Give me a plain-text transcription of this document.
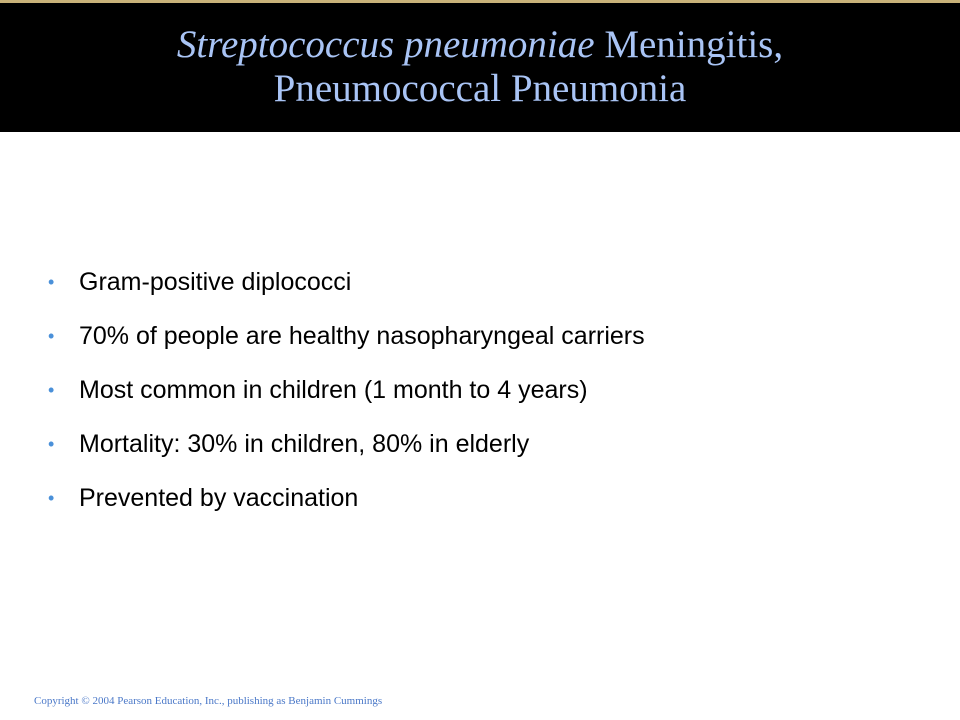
Streptococcus pneumoniae Meningitis,
Pneumococcal Pneumonia
• Gram-positive diplococci
• 70% of people are healthy nasopharyngeal carriers
• Most common in children (1 month to 4 years)
• Mortality: 30% in children, 80% in elderly
• Prevented by vaccination
Copyright © 2004 Pearson Education, Inc., publishing as Benjamin Cummings
